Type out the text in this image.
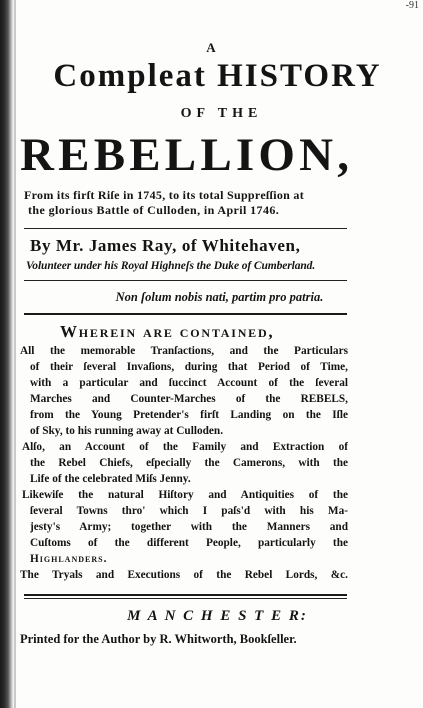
-91
A
Compleat HISTORY
OF THE
REBELLION,
From its firſt Riſe in 1745, to its total Suppreſſion at
the glorious Battle of Culloden, in April 1746.
By Mr. James Ray, of Whitehaven,
Volunteer under his Royal Highneſs the Duke of Cumberland.
Non ſolum nobis nati, partim pro patria.
Wherein are contained,
All the memorable Tranſactions, and the Particulars
of their ſeveral Invaſions, during that Period of Time,
with a particular and ſuccinct Account of the ſeveral
Marches and Counter-Marches of the REBELS,
from the Young Pretender's firſt Landing on the Iſle
of Sky, to his running away at Culloden.
Alſo, an Account of the Family and Extraction of
the Rebel Chiefs, eſpecially the Camerons, with the
Life of the celebrated Miſs Jenny.
Likewiſe the natural Hiſtory and Antiquities of the
ſeveral Towns thro' which I paſs'd with his Ma-
jesty's Army; together with the Manners and
Cuſtoms of the different People, particularly the
Highlanders.
The Tryals and Executions of the Rebel Lords, &c.
M A N C H E S T E R:
Printed for the Author by R. Whitworth, Bookſeller.
